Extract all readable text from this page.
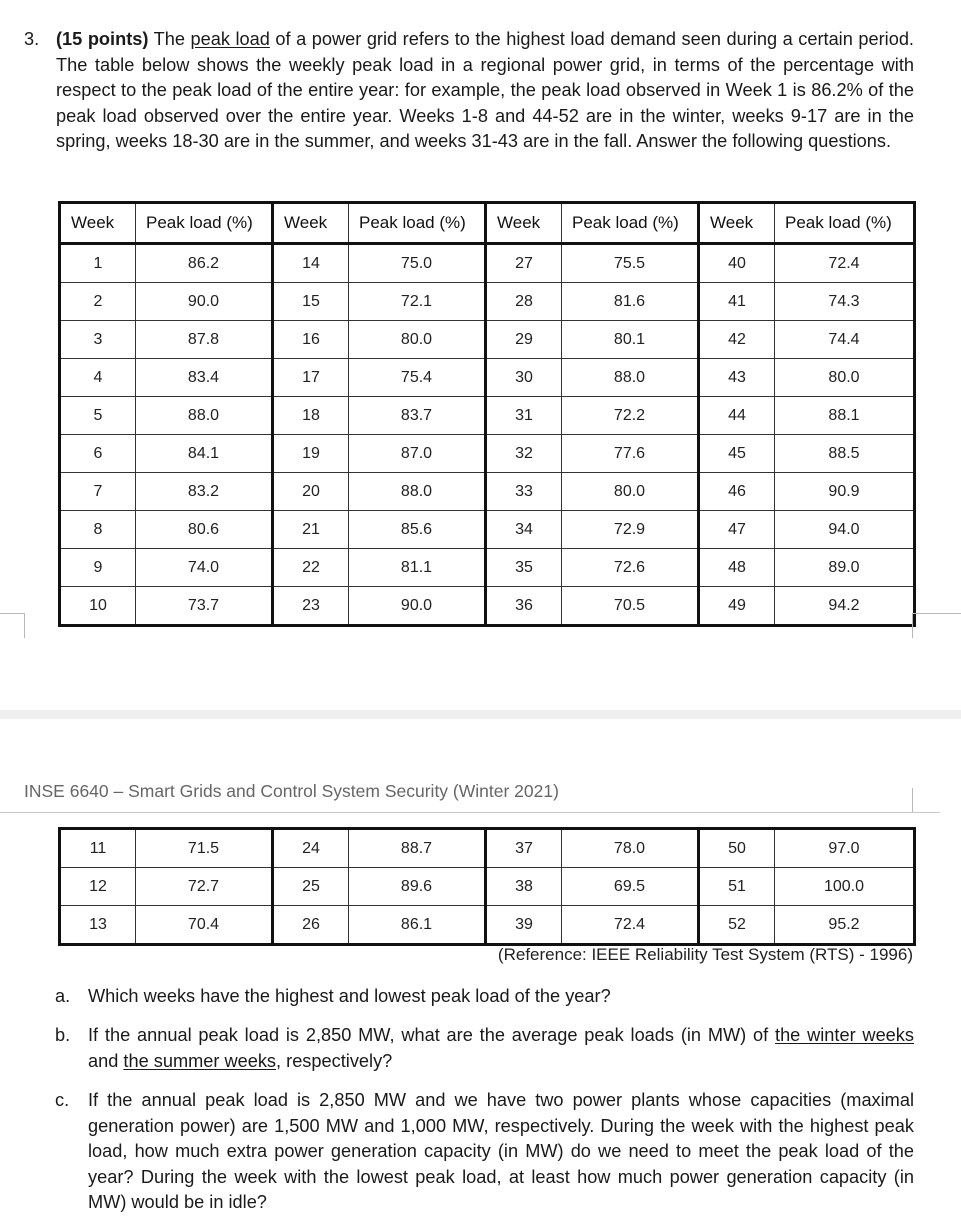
3. (15 points) The peak load of a power grid refers to the highest load demand seen during a certain period. The table below shows the weekly peak load in a regional power grid, in terms of the percentage with respect to the peak load of the entire year: for example, the peak load observed in Week 1 is 86.2% of the peak load observed over the entire year. Weeks 1-8 and 44-52 are in the winter, weeks 9-17 are in the spring, weeks 18-30 are in the summer, and weeks 31-43 are in the fall. Answer the following questions.
Week	Peak load (%)	Week	Peak load (%)	Week	Peak load (%)	Week	Peak load (%)
1	86.2	14	75.0	27	75.5	40	72.4
2	90.0	15	72.1	28	81.6	41	74.3
3	87.8	16	80.0	29	80.1	42	74.4
4	83.4	17	75.4	30	88.0	43	80.0
5	88.0	18	83.7	31	72.2	44	88.1
6	84.1	19	87.0	32	77.6	45	88.5
7	83.2	20	88.0	33	80.0	46	90.9
8	80.6	21	85.6	34	72.9	47	94.0
9	74.0	22	81.1	35	72.6	48	89.0
10	73.7	23	90.0	36	70.5	49	94.2
INSE 6640 – Smart Grids and Control System Security (Winter 2021)
11	71.5	24	88.7	37	78.0	50	97.0
12	72.7	25	89.6	38	69.5	51	100.0
13	70.4	26	86.1	39	72.4	52	95.2
(Reference: IEEE Reliability Test System (RTS) - 1996)
a. Which weeks have the highest and lowest peak load of the year?
b. If the annual peak load is 2,850 MW, what are the average peak loads (in MW) of the winter weeks and the summer weeks, respectively?
c.	If the annual peak load is 2,850 MW and we have two power plants whose capacities (maximal generation power) are 1,500 MW and 1,000 MW, respectively. During the week with the highest peak load, how much extra power generation capacity (in MW) do we need to meet the peak load of the year? During the week with the lowest peak load, at least how much power generation capacity (in MW) would be in idle?
